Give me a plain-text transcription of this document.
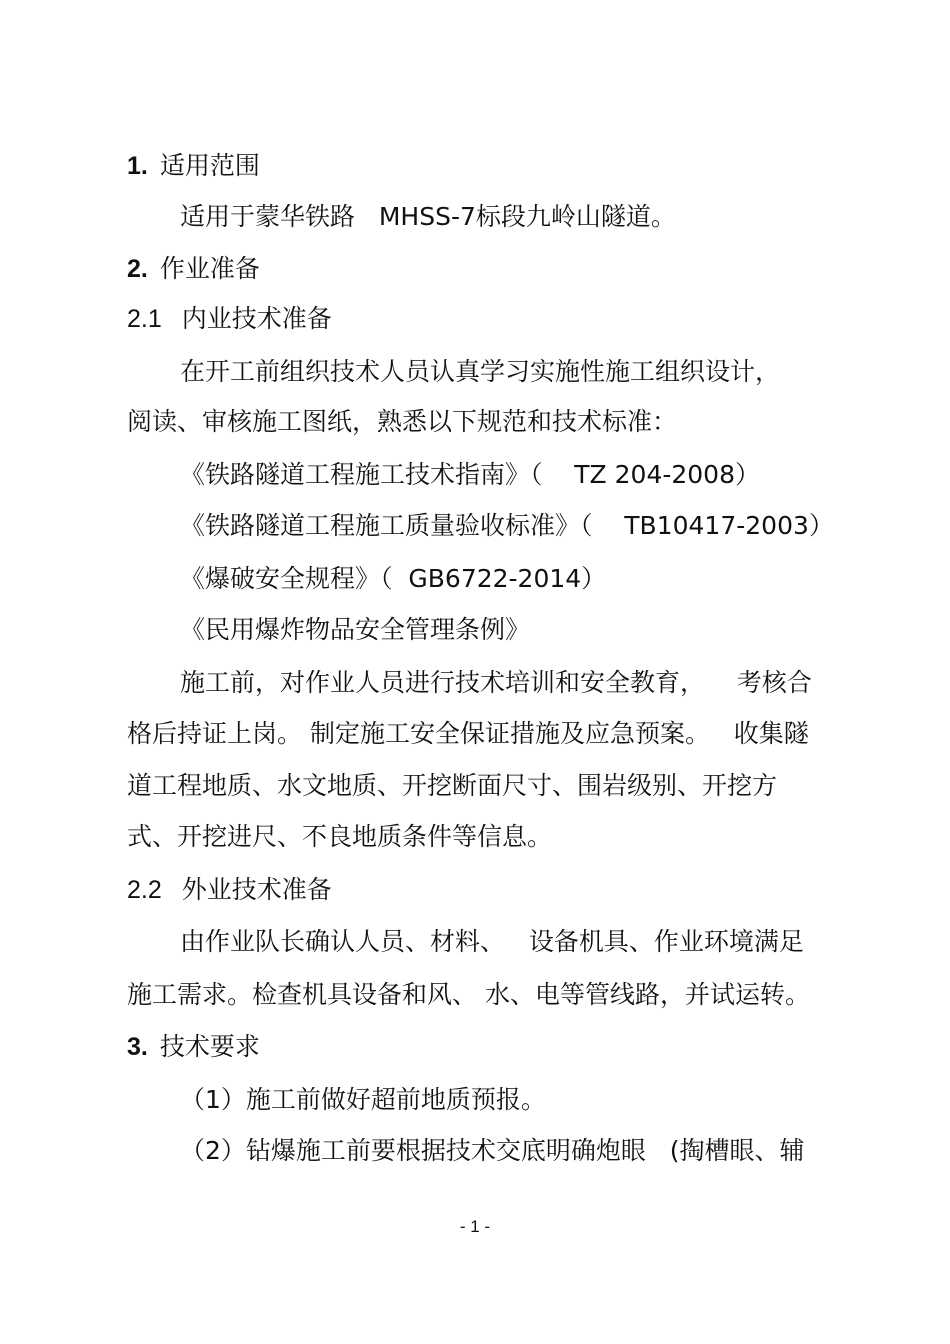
1. 适用范围
适用于蒙华铁路   MHSS-7标段九岭山隧道。
2. 作业准备
2.1 内业技术准备
在开工前组织技术人员认真学习实施性施工组织设计，
阅读、审核施工图纸，熟悉以下规范和技术标准：
《铁路隧道工程施工技术指南》（    TZ 204-2008）
《铁路隧道工程施工质量验收标准》（    TB10417-2003）
《爆破安全规程》（  GB6722-2014）
《民用爆炸物品安全管理条例》
施工前，对作业人员进行技术培训和安全教育，    考核合
格后持证上岗。 制定施工安全保证措施及应急预案。   收集隧
道工程地质、水文地质、开挖断面尺寸、围岩级别、开挖方
式、开挖进尺、不良地质条件等信息。
2.2 外业技术准备
由作业队长确认人员、材料、   设备机具、作业环境满足
施工需求。检查机具设备和风、 水、电等管线路，并试运转。
3. 技术要求
（1）施工前做好超前地质预报。
（2）钻爆施工前要根据技术交底明确炮眼   (掏槽眼、辅
- 1 -
